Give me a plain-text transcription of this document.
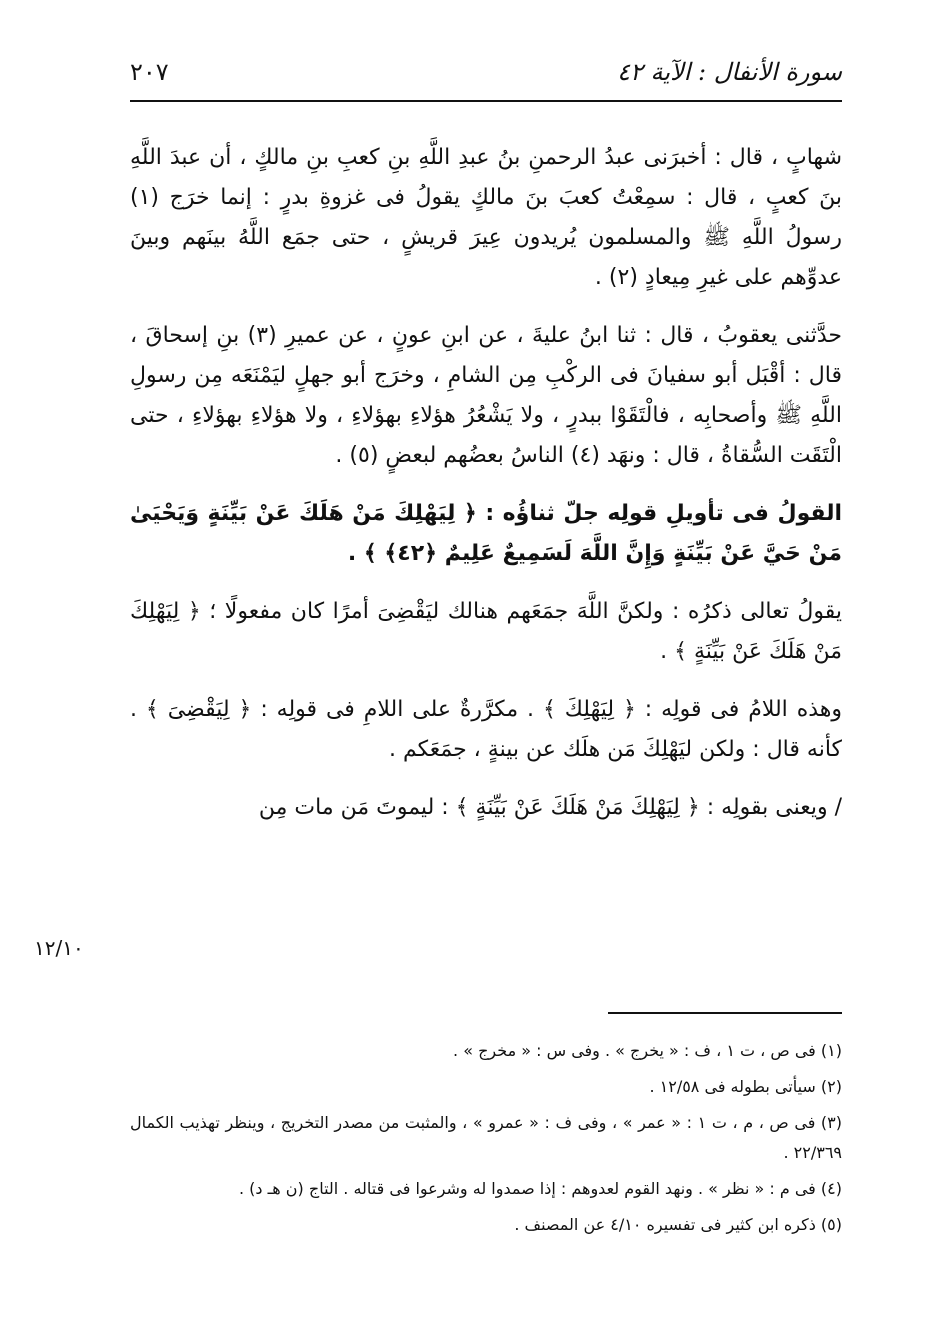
٢٠٧	سورة الأنفال : الآية ٤٢

شهابٍ ، قال : أخبرَنى عبدُ الرحمنِ بنُ عبدِ اللَّهِ بنِ كعبِ بنِ مالكٍ ، أن عبدَ اللَّهِ بنَ كعبٍ ، قال : سمِعْتُ كعبَ بنَ مالكٍ يقولُ فى غزوةِ بدرٍ : إنما خرَج (١) رسولُ اللَّهِ ﷺ والمسلمون يُريدون عِيرَ قريشٍ ، حتى جمَع اللَّهُ بينَهم وبينَ عدوِّهم على غيرِ مِيعادٍ (٢) .

حدَّثنى يعقوبُ ، قال : ثنا ابنُ عليةَ ، عن ابنِ عونٍ ، عن عميرِ (٣) بنِ إسحاقَ ، قال : أقْبَل أبو سفيانَ فى الركْبِ مِن الشامِ ، وخرَج أبو جهلٍ ليَمْنَعَه مِن رسولِ اللَّهِ ﷺ وأصحابِه ، فالْتَقَوْا ببدرٍ ، ولا يَشْعُرُ هؤلاءِ بهؤلاءِ ، ولا هؤلاءِ بهؤلاءِ ، حتى الْتَقَت السُّقاةُ ، قال : ونهَد (٤) الناسُ بعضُهم لبعضٍ (٥) .

القولُ فى تأويلِ قولِه جلّ ثناؤُه : ﴿ لِيَهْلِكَ مَنْ هَلَكَ عَنْ بَيِّنَةٍ وَيَحْيَىٰ مَنْ حَيَّ عَنْ بَيِّنَةٍ وَإِنَّ اللَّهَ لَسَمِيعٌ عَلِيمٌ ﴿٤٢﴾ ﴾ .

يقولُ تعالى ذكرُه : ولكنَّ اللَّهَ جمَعَهم هنالك ليَقْضِىَ أمرًا كان مفعولًا ؛ ﴿ لِيَهْلِكَ مَنْ هَلَكَ عَنْ بَيِّنَةٍ ﴾ .

وهذه اللامُ فى قولِه : ﴿ لِيَهْلِكَ ﴾ . مكرَّرةٌ على اللامِ فى قولِه : ﴿ لِيَقْضِىَ ﴾ . كأنه قال : ولكن ليَهْلِكَ مَن هلَك عن بينةٍ ، جمَعَكم .

/ ويعنى بقولِه : ﴿ لِيَهْلِكَ مَنْ هَلَكَ عَنْ بَيِّنَةٍ ﴾ : ليموتَ مَن مات مِن

١٢/١٠

(١) فى ص ، ت ١ ، ف : « يخرج » . وفى س : « مخرج » .

(٢) سيأتى بطوله فى ١٢/٥٨ .

(٣) فى ص ، م ، ت ١ : « عمر » ، وفى ف : « عمرو » ، والمثبت من مصدر التخريج ، وينظر تهذيب الكمال ٢٢/٣٦٩ .

(٤) فى م : « نظر » . ونهد القوم لعدوهم : إذا صمدوا له وشرعوا فى قتاله . التاج (ن هـ د) .

(٥) ذكره ابن كثير فى تفسيره ٤/١٠ عن المصنف .
